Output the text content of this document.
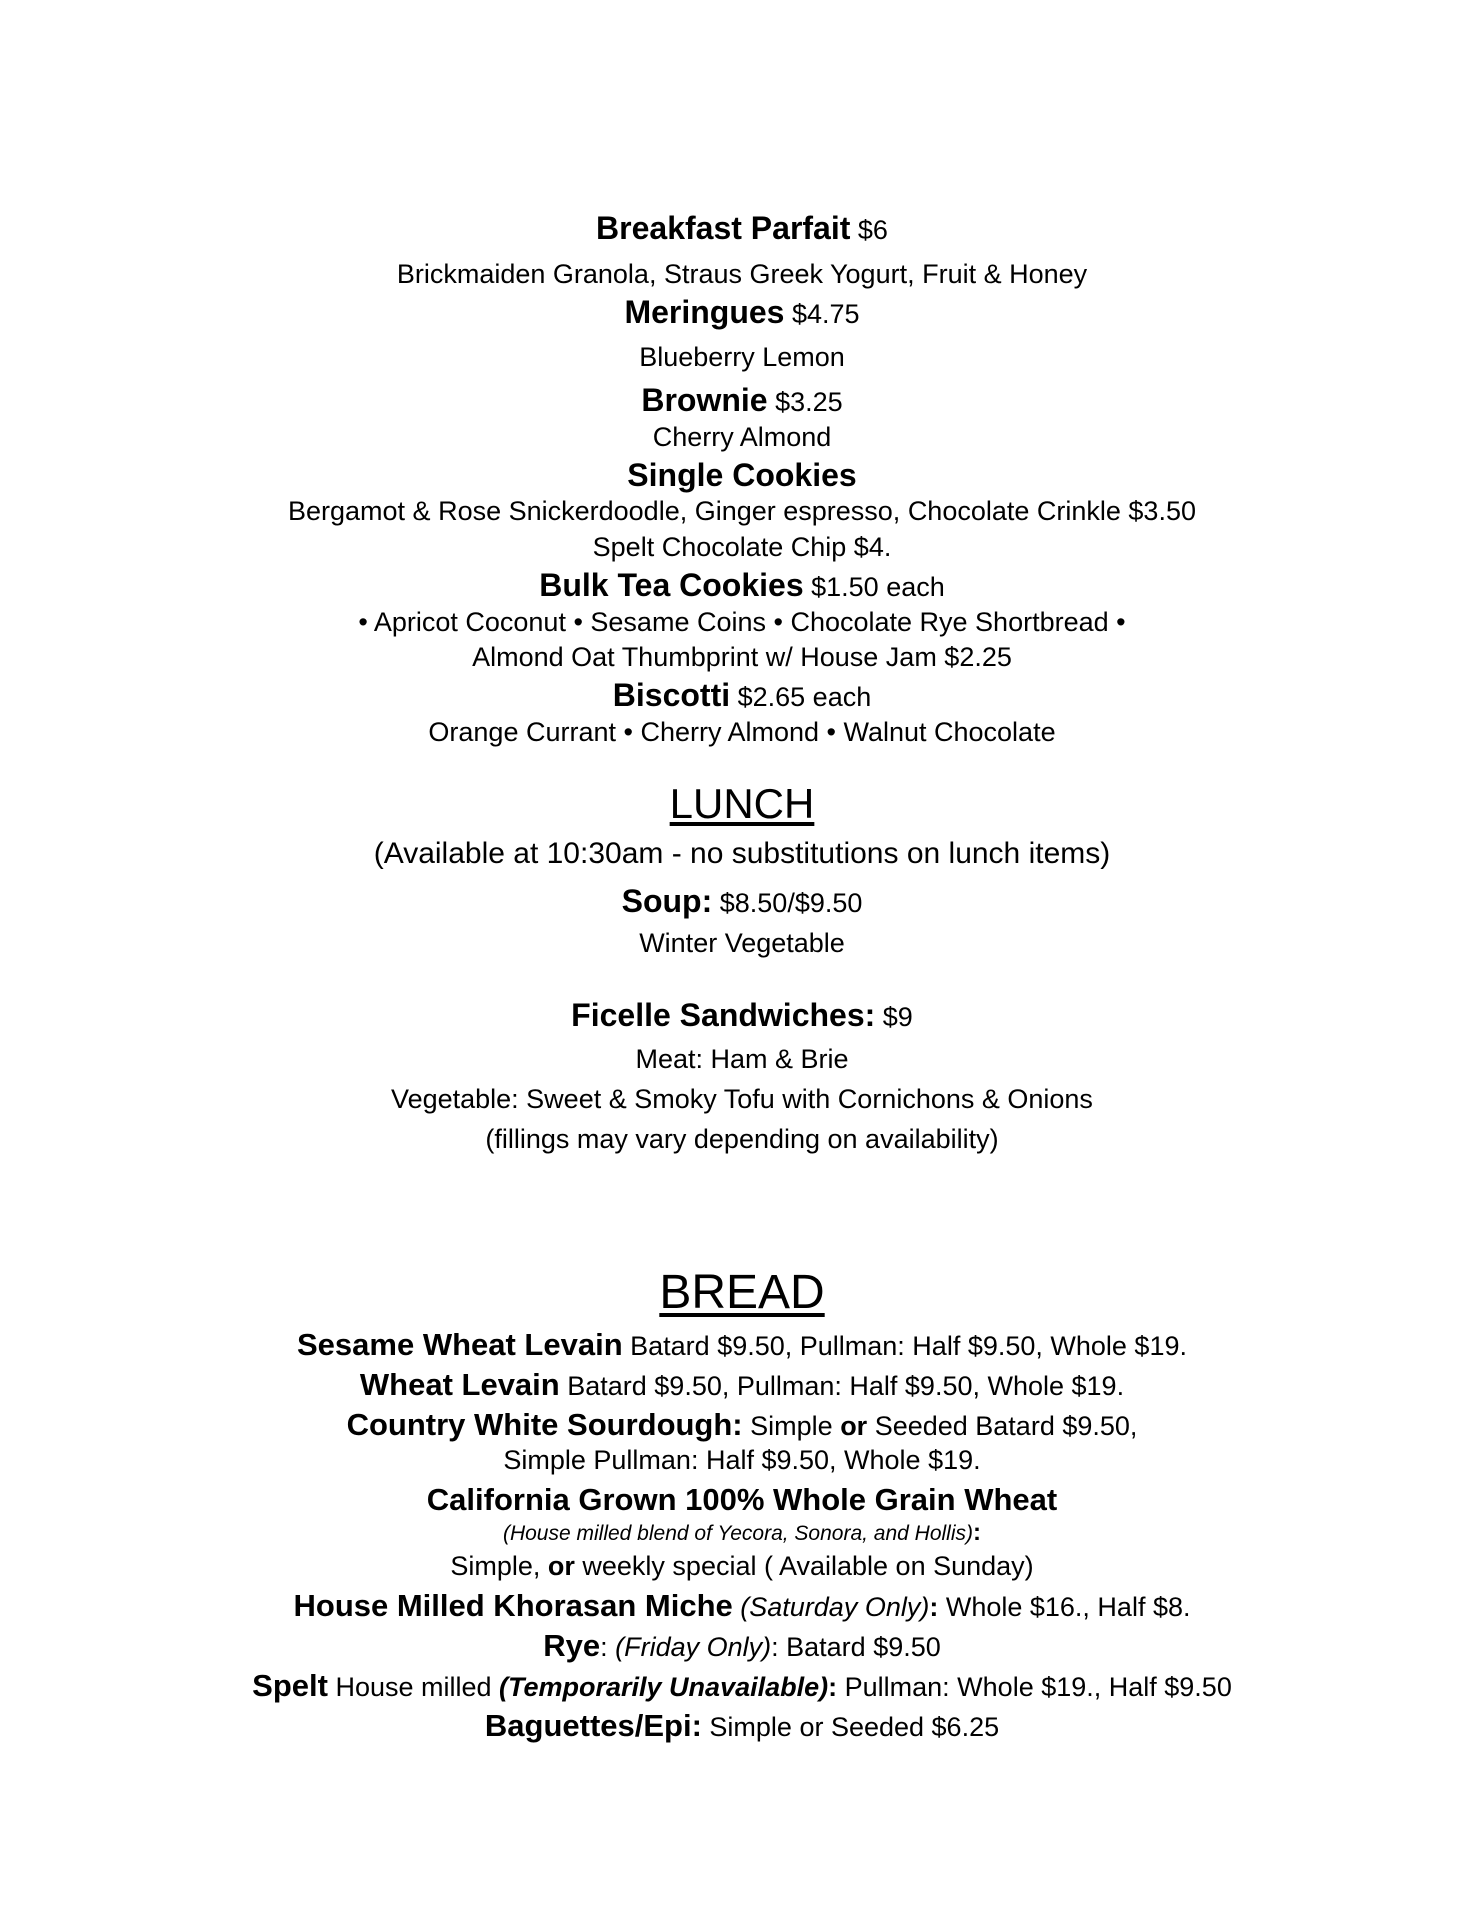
Breakfast Parfait $6
Brickmaiden Granola, Straus Greek Yogurt, Fruit & Honey
Meringues $4.75
Blueberry Lemon
Brownie $3.25
Cherry Almond
Single Cookies
Bergamot & Rose Snickerdoodle, Ginger espresso, Chocolate Crinkle $3.50
Spelt Chocolate Chip $4.
Bulk Tea Cookies $1.50 each
• Apricot Coconut • Sesame Coins • Chocolate Rye Shortbread •
Almond Oat Thumbprint w/ House Jam $2.25
Biscotti $2.65 each
Orange Currant • Cherry Almond • Walnut Chocolate
LUNCH
(Available at 10:30am - no substitutions on lunch items)
Soup: $8.50/$9.50
Winter Vegetable
Ficelle Sandwiches: $9
Meat: Ham & Brie
Vegetable: Sweet & Smoky Tofu with Cornichons & Onions
(fillings may vary depending on availability)
BREAD
Sesame Wheat Levain Batard $9.50, Pullman: Half $9.50, Whole $19.
Wheat Levain Batard $9.50, Pullman: Half $9.50, Whole $19.
Country White Sourdough: Simple or Seeded Batard $9.50,
Simple Pullman: Half $9.50, Whole $19.
California Grown 100% Whole Grain Wheat
(House milled blend of Yecora, Sonora, and Hollis):
Simple, or weekly special ( Available on Sunday)
House Milled Khorasan Miche (Saturday Only): Whole $16., Half $8.
Rye: (Friday Only): Batard $9.50
Spelt House milled (Temporarily Unavailable): Pullman: Whole $19., Half $9.50
Baguettes/Epi: Simple or Seeded $6.25
